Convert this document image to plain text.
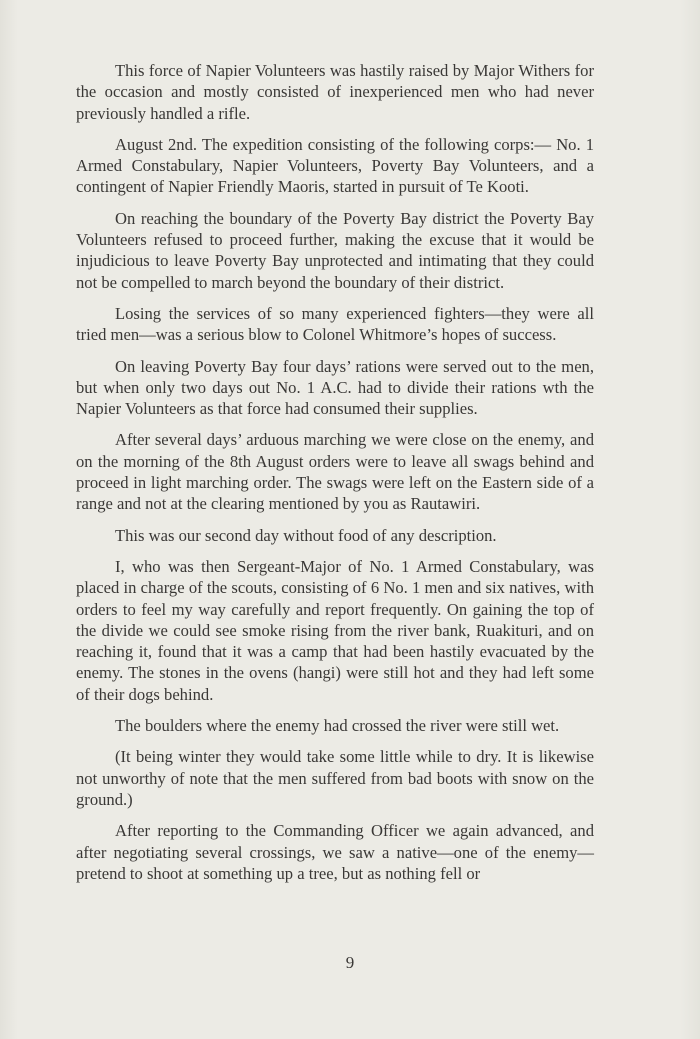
This force of Napier Volunteers was hastily raised by Major Withers for the occasion and mostly consisted of inexperienced men who had never previously handled a rifle.

August 2nd. The expedition consisting of the following corps:— No. 1 Armed Constabulary, Napier Volunteers, Poverty Bay Volunteers, and a contingent of Napier Friendly Maoris, started in pursuit of Te Kooti.

On reaching the boundary of the Poverty Bay district the Poverty Bay Volunteers refused to proceed further, making the excuse that it would be injudicious to leave Poverty Bay unprotected and intimating that they could not be compelled to march beyond the boundary of their district.

Losing the services of so many experienced fighters—they were all tried men—was a serious blow to Colonel Whitmore’s hopes of success.

On leaving Poverty Bay four days’ rations were served out to the men, but when only two days out No. 1 A.C. had to divide their rations wth the Napier Volunteers as that force had consumed their supplies.

After several days’ arduous marching we were close on the enemy, and on the morning of the 8th August orders were to leave all swags behind and proceed in light marching order. The swags were left on the Eastern side of a range and not at the clearing mentioned by you as Rautawiri.

This was our second day without food of any description.

I, who was then Sergeant-Major of No. 1 Armed Constabulary, was placed in charge of the scouts, consisting of 6 No. 1 men and six natives, with orders to feel my way carefully and report frequently. On gaining the top of the divide we could see smoke rising from the river bank, Ruakituri, and on reaching it, found that it was a camp that had been hastily evacuated by the enemy. The stones in the ovens (hangi) were still hot and they had left some of their dogs behind.

The boulders where the enemy had crossed the river were still wet.

(It being winter they would take some little while to dry. It is likewise not unworthy of note that the men suffered from bad boots with snow on the ground.)

After reporting to the Commanding Officer we again advanced, and after negotiating several crossings, we saw a native—one of the enemy—pretend to shoot at something up a tree, but as nothing fell or

9
